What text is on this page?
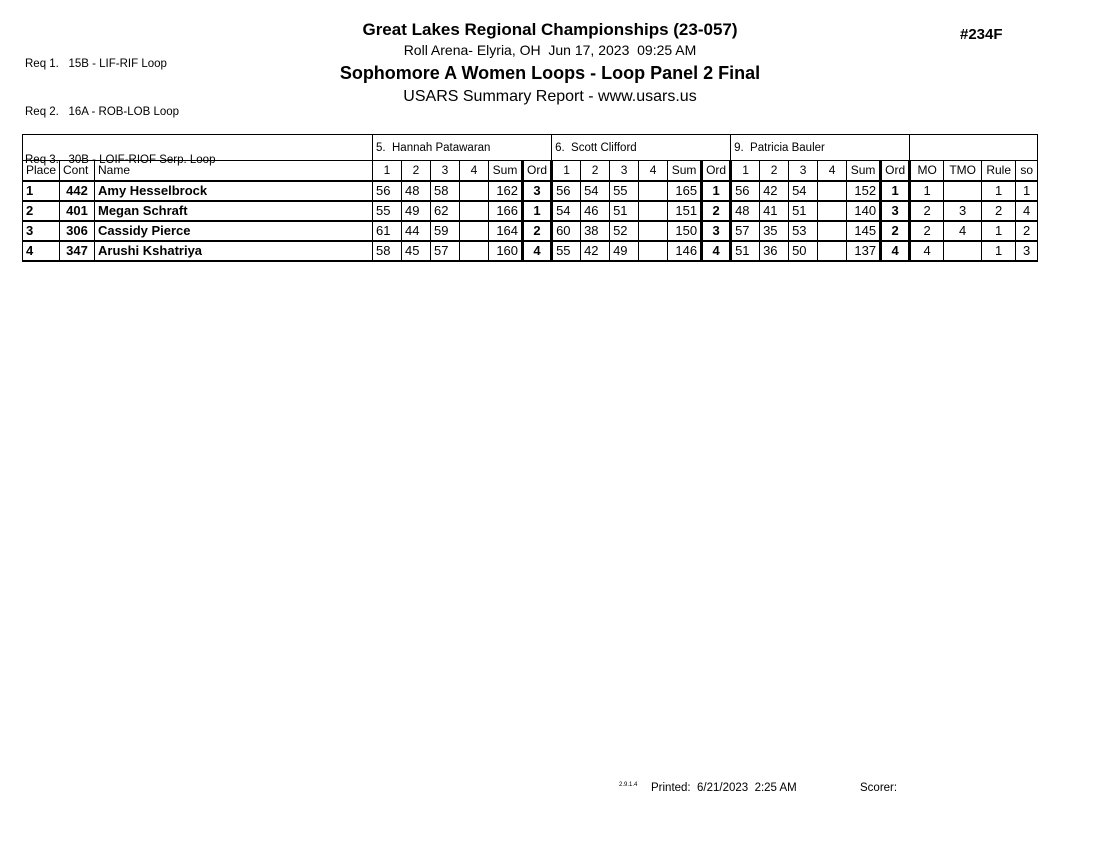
Req 1.   15B - LIF-RIF Loop

Req 2.   16A - ROB-LOB Loop

Req 3.   30B - LOIF-RIOF Serp. Loop

Great Lakes Regional Championships (23-057)
Roll Arena- Elyria, OH  Jun 17, 2023  09:25 AM
Sophomore A Women Loops - Loop Panel 2 Final
USARS Summary Report - www.usars.us
#234F
			5.  Hannah Patawaran						6.  Scott Clifford						9.  Patricia Bauler									
Place	Cont	Name	1	2	3	4	Sum	Ord	1	2	3	4	Sum	Ord	1	2	3	4	Sum	Ord	MO	TMO	Rule	so
1	442	Amy Hesselbrock	56	48	58		162	3	56	54	55		165	1	56	42	54		152	1	1		1	1
2	401	Megan Schraft	55	49	62		166	1	54	46	51		151	2	48	41	51		140	3	2	3	2	4
3	306	Cassidy Pierce	61	44	59		164	2	60	38	52		150	3	57	35	53		145	2	2	4	1	2
4	347	Arushi Kshatriya	58	45	57		160	4	55	42	49		146	4	51	36	50		137	4	4		1	3
2.9.1.4 Printed:  6/21/2023  2:25 AM	Scorer:
